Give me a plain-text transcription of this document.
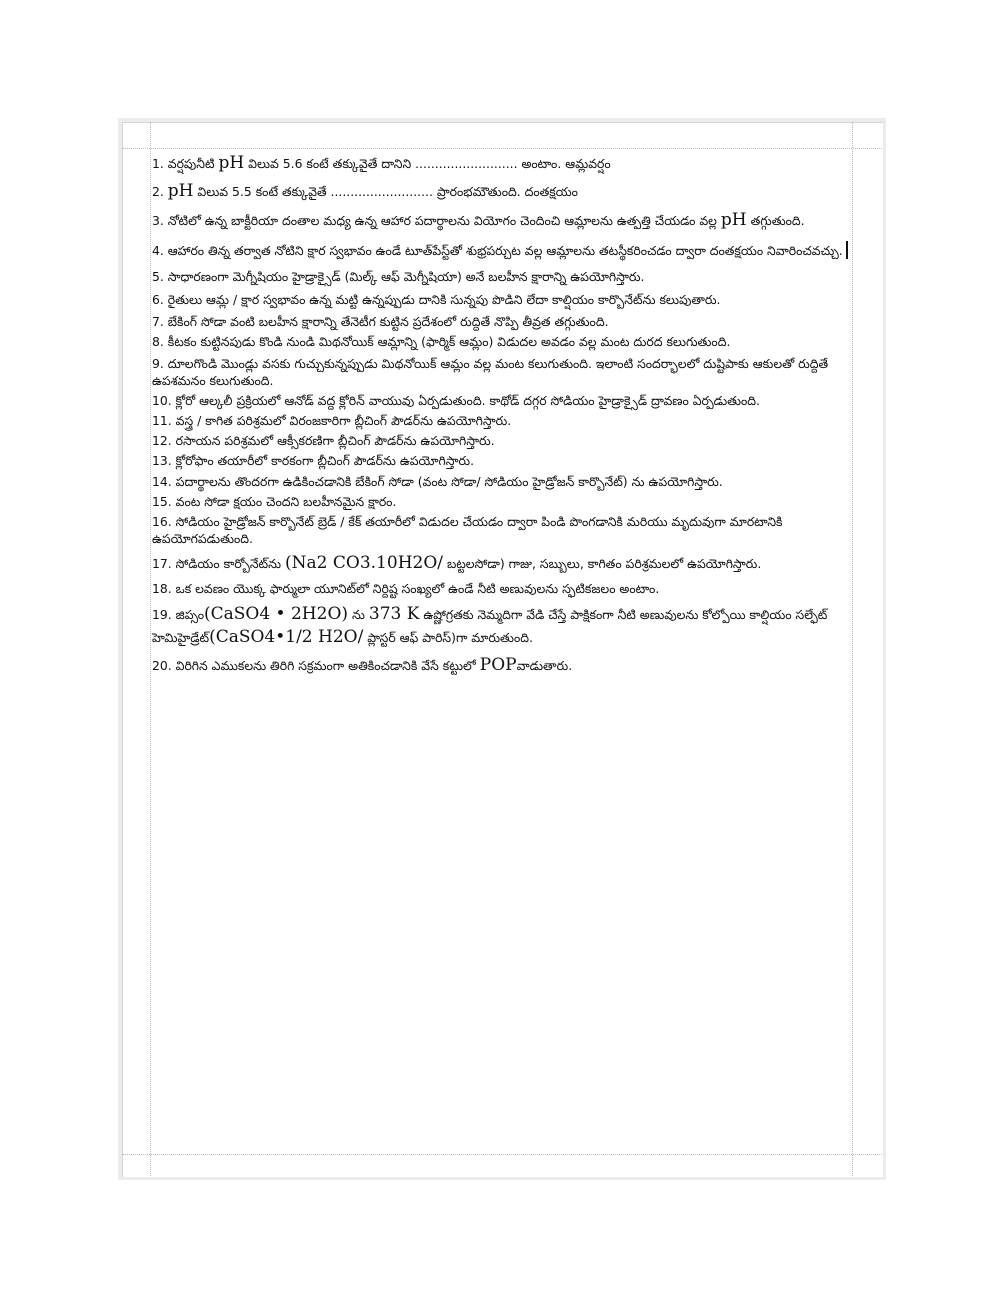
1. వర్షపునీటి pH విలువ 5.6 కంటే తక్కువైతే దానిని .......................... అంటాం. ఆమ్లవర్షం

2. pH విలువ 5.5 కంటే తక్కువైతే .......................... ప్రారంభమౌతుంది. దంతక్షయం

3. నోటిలో ఉన్న బాక్టీరియా దంతాల మధ్య ఉన్న ఆహార పదార్థాలను వియోగం చెందించి ఆమ్లాలను ఉత్పత్తి చేయడం వల్ల pH తగ్గుతుంది.

4. ఆహారం తిన్న తర్వాత నోటిని క్షార స్వభావం ఉండే టూత్‌పేస్ట్‌తో శుభ్రపర్చుట వల్ల ఆమ్లాలను తటస్థీకరించడం ద్వారా దంతక్షయం నివారించవచ్చు.

5. సాధారణంగా మెగ్నీషియం హైడ్రాక్సైడ్ (మిల్క్ ఆఫ్ మెగ్నీషియా) అనే బలహీన క్షారాన్ని ఉపయోగిస్తారు.

6. రైతులు ఆమ్ల / క్షార స్వభావం ఉన్న మట్టి ఉన్నప్పుడు దానికి సున్నపు పొడిని లేదా కాల్షియం కార్బొనేట్‌ను కలుపుతారు.

7. బేకింగ్ సోడా వంటి బలహీన క్షారాన్ని తేనెటీగ కుట్టిన ప్రదేశంలో రుద్దితే నొప్పి తీవ్రత తగ్గుతుంది.

8. కీటకం కుట్టినపుడు కొండి నుండి మిథనోయిక్ ఆమ్లాన్ని (ఫార్మిక్ ఆమ్లం) విడుదల అవడం వల్ల మంట దురద కలుగుతుంది.

9. దూలగొండి మొండ్లు వసకు గుచ్చుకున్నప్పుడు మిథనోయిక్ ఆమ్లం వల్ల మంట కలుగుతుంది. ఇలాంటి సందర్భాలలో దుష్టిపాకు ఆకులతో రుద్దితే ఉపశమనం కలుగుతుంది.

10. క్లోరో ఆల్కలీ ప్రక్రియలో ఆనోడ్ వద్ద క్లోరిన్ వాయువు ఏర్పడుతుంది. కాథోడ్ దగ్గర సోడియం హైడ్రాక్సైడ్ ద్రావణం ఏర్పడుతుంది.

11. వస్త్ర / కాగిత పరిశ్రమలో విరంజకారిగా బ్లీచింగ్ పౌడర్‌ను ఉపయోగిస్తారు.

12. రసాయన పరిశ్రమలో ఆక్సీకరణిగా బ్లీచింగ్ పౌడర్‌ను ఉపయోగిస్తారు.

13. క్లోరోఫాం తయారీలో కారకంగా బ్లీచింగ్ పౌడర్‌ను ఉపయోగిస్తారు.

14. పదార్థాలను తొందరగా ఉడికించడానికి బేకింగ్ సోడా (వంట సోడా/ సోడియం హైడ్రోజన్ కార్బొనేట్) ను ఉపయోగిస్తారు.

15. వంట సోడా క్షయం చెందని బలహీనమైన క్షారం.

16. సోడియం హైడ్రోజన్ కార్బొనేట్ బ్రెడ్ / కేక్ తయారీలో విడుదల చేయడం ద్వారా పిండి పొంగడానికి మరియు మృదువుగా మారటానికి ఉపయోగపడుతుంది.

17. సోడియం కార్బోనేట్‌ను (Na2 CO3.10H2O/ బట్టలసోడా) గాజు, సబ్బులు, కాగితం పరిశ్రమలలో ఉపయోగిస్తారు.

18. ఒక లవణం యొక్క ఫార్ములా యూనిట్‌లో నిర్దిష్ట సంఖ్యలో ఉండే నీటి అణువులను స్ఫటికజలం అంటాం.

19. జిప్సం(CaSO4 • 2H2O) ను 373 K ఉష్ణోగ్రతకు నెమ్మదిగా వేడి చేస్తే పాక్షికంగా నీటి అణువులను కోల్పోయి కాల్షియం సల్ఫేట్ హెమిహైడ్రేట్(CaSO4•1/2 H2O/ ప్లాస్టర్ ఆఫ్ పారిస్)గా మారుతుంది.

20. విరిగిన ఎముకలను తిరిగి సక్రమంగా అతికించడానికి వేసే కట్టులో POPవాడుతారు.
